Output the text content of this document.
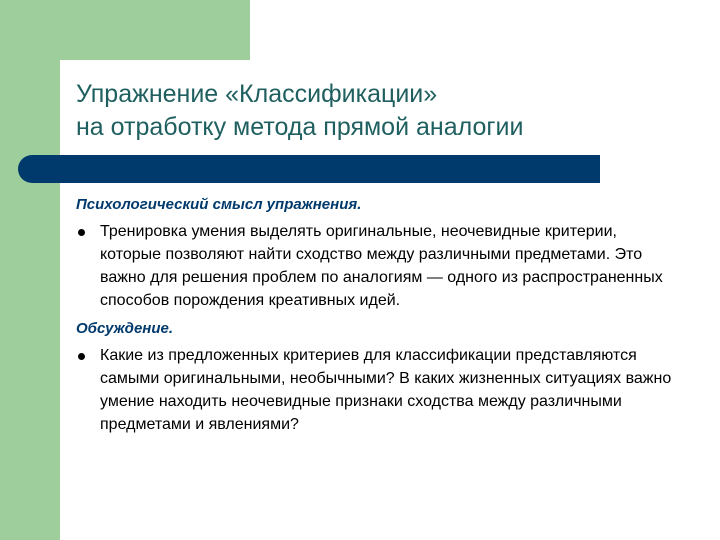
Упражнение «Классификации»
на отработку метода прямой аналогии

Психологический смысл упражнения.

Тренировка умения выделять оригинальные, неочевидные критерии, которые позволяют найти сходство между различными предметами. Это важно для решения проблем по аналогиям — одного из распространенных способов порождения креативных идей.

Обсуждение.

Какие из предложенных критериев для классификации представляются самыми оригинальными, необычными? В каких жизненных ситуациях важно умение находить неочевидные признаки сходства между различными предметами и явлениями?
